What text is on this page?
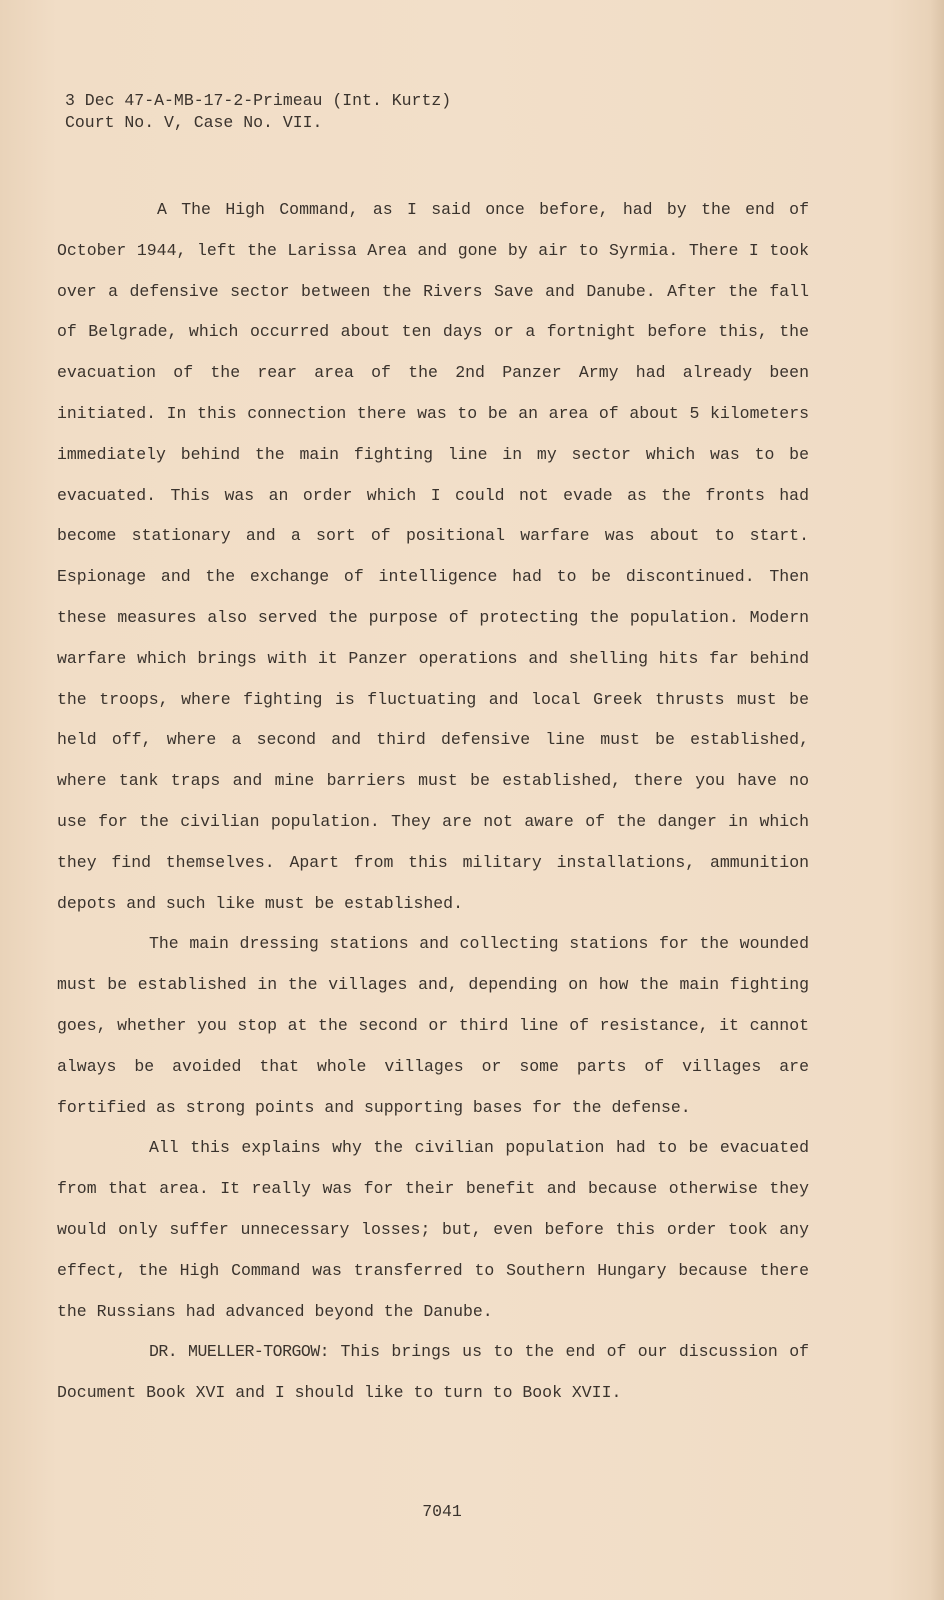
3 Dec 47-A-MB-17-2-Primeau (Int. Kurtz)
Court No. V, Case No. VII.

A The High Command, as I said once before, had by the end of October 1944, left the Larissa Area and gone by air to Syrmia. There I took over a defensive sector between the Rivers Save and Danube. After the fall of Belgrade, which occurred about ten days or a fortnight before this, the evacuation of the rear area of the 2nd Panzer Army had already been initiated. In this connection there was to be an area of about 5 kilometers immediately behind the main fighting line in my sector which was to be evacuated. This was an order which I could not evade as the fronts had become stationary and a sort of positional warfare was about to start. Espionage and the exchange of intelligence had to be discontinued. Then these measures also served the purpose of protecting the population. Modern warfare which brings with it Panzer operations and shelling hits far behind the troops, where fighting is fluctuating and local Greek thrusts must be held off, where a second and third defensive line must be established, where tank traps and mine barriers must be established, there you have no use for the civilian population. They are not aware of the danger in which they find themselves. Apart from this military installations, ammunition depots and such like must be established.

The main dressing stations and collecting stations for the wounded must be established in the villages and, depending on how the main fighting goes, whether you stop at the second or third line of resistance, it cannot always be avoided that whole villages or some parts of villages are fortified as strong points and supporting bases for the defense.

All this explains why the civilian population had to be evacuated from that area. It really was for their benefit and because otherwise they would only suffer unnecessary losses; but, even before this order took any effect, the High Command was transferred to Southern Hungary because there the Russians had advanced beyond the Danube.

DR. MUELLER-TORGOW: This brings us to the end of our discussion of Document Book XVI and I should like to turn to Book XVII.

7041
